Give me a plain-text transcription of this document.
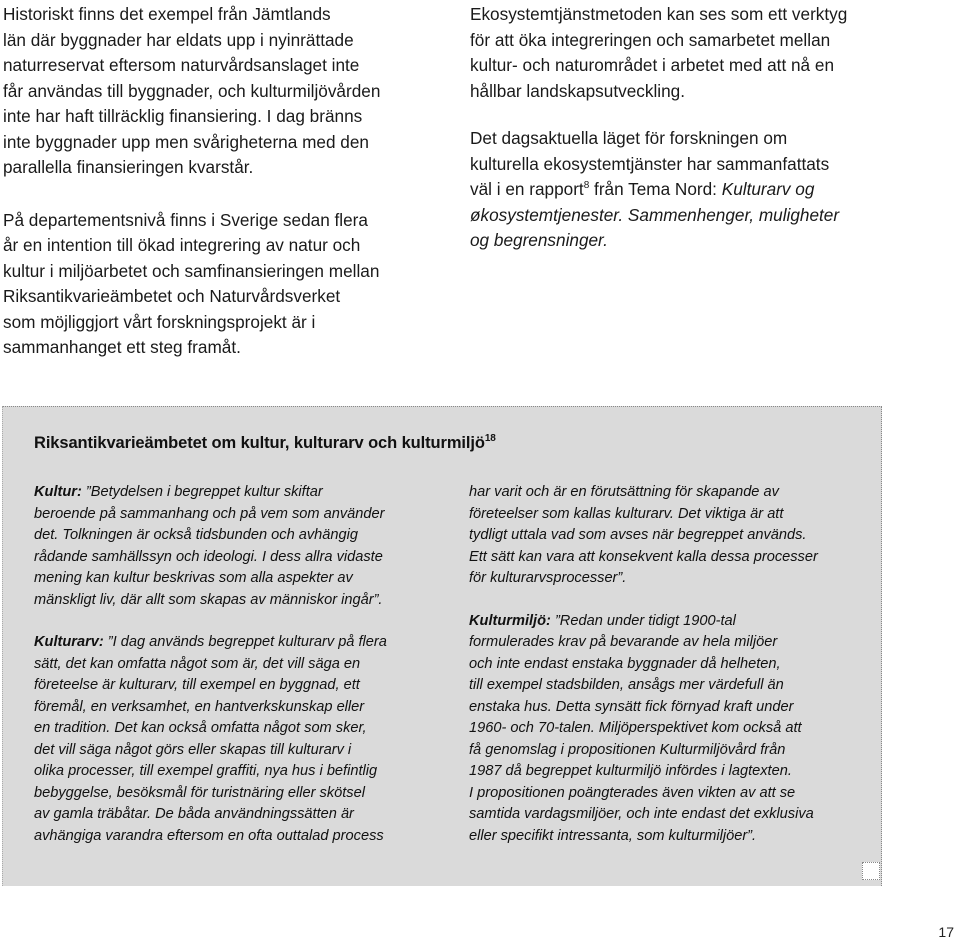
Historiskt finns det exempel från Jämtlands
län där byggnader har eldats upp i nyinrättade
naturreservat eftersom naturvårdsanslaget inte
får användas till byggnader, och kulturmiljövården
inte har haft tillräcklig finansiering. I dag bränns
inte byggnader upp men svårigheterna med den
parallella finansieringen kvarstår.

På departementsnivå finns i Sverige sedan flera
år en intention till ökad integrering av natur och
kultur i miljöarbetet och samfinansieringen mellan
Riksantikvarieämbetet och Naturvårdsverket
som möjliggjort vårt forskningsprojekt är i
sammanhanget ett steg framåt.

Ekosystemtjänstmetoden kan ses som ett verktyg
för att öka integreringen och samarbetet mellan
kultur- och naturområdet i arbetet med att nå en
hållbar landskapsutveckling.

Det dagsaktuella läget för forskningen om
kulturella ekosystemtjänster har sammanfattats
väl i en rapport$^8$ från Tema Nord: Kulturarv og
økosystemtjenester. Sammenhenger, muligheter
og begrensninger.

Riksantikvarieämbetet om kultur, kulturarv och kulturmiljö$^{18}$

Kultur: ”Betydelsen i begreppet kultur skiftar
beroende på sammanhang och på vem som använder
det. Tolkningen är också tidsbunden och avhängig
rådande samhällssyn och ideologi. I dess allra vidaste
mening kan kultur beskrivas som alla aspekter av
mänskligt liv, där allt som skapas av människor ingår”.

Kulturarv: ”I dag används begreppet kulturarv på flera
sätt, det kan omfatta något som är, det vill säga en
företeelse är kulturarv, till exempel en byggnad, ett
föremål, en verksamhet, en hantverkskunskap eller
en tradition. Det kan också omfatta något som sker,
det vill säga något görs eller skapas till kulturarv i
olika processer, till exempel graffiti, nya hus i befintlig
bebyggelse, besöksmål för turistnäring eller skötsel
av gamla träbåtar. De båda användningssätten är
avhängiga varandra eftersom en ofta outtalad process

har varit och är en förutsättning för skapande av
företeelser som kallas kulturarv. Det viktiga är att
tydligt uttala vad som avses när begreppet används.
Ett sätt kan vara att konsekvent kalla dessa processer
för kulturarvsprocesser”.

Kulturmiljö: ”Redan under tidigt 1900-tal
formulerades krav på bevarande av hela miljöer
och inte endast enstaka byggnader då helheten,
till exempel stadsbilden, ansågs mer värdefull än
enstaka hus. Detta synsätt fick förnyad kraft under
1960- och 70-talen. Miljöperspektivet kom också att
få genomslag i propositionen Kulturmiljövård från
1987 då begreppet kulturmiljö infördes i lagtexten.
I propositionen poängterades även vikten av att se
samtida vardagsmiljöer, och inte endast det exklusiva
eller specifikt intressanta, som kulturmiljöer”.

17
